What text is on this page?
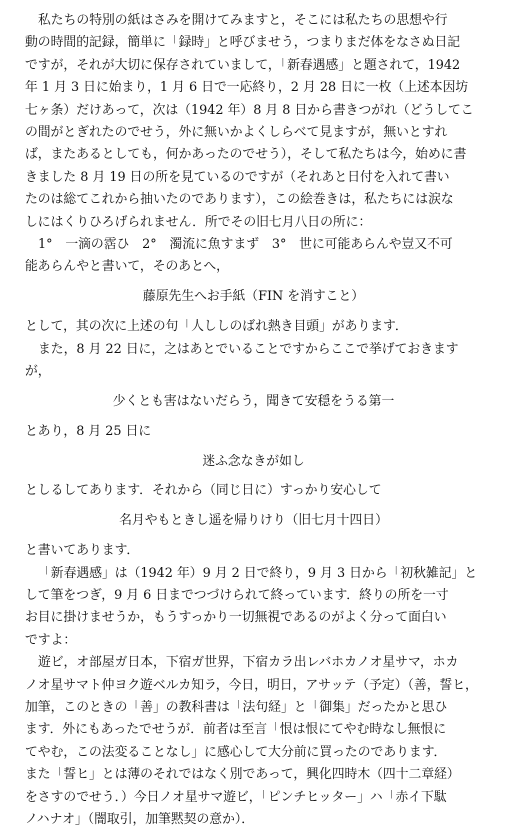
私たちの特別の紙はさみを開けてみますと，そこには私たちの思想や行
動の時間的記録，簡単に「録時」と呼びませう，つまりまだ体をなさぬ日記
ですが，それが大切に保存されていまして，「新春遇感」と題されて，1942
年 1 月 3 日に始まり，1 月 6 日で一応終り，2 月 28 日に一枚（上述本因坊
七ヶ条）だけあって，次は（1942 年）8 月 8 日から書きつがれ（どうしてこ
の間がとぎれたのでせう，外に無いかよくしらべて見ますが，無いとすれ
ば，またあるとしても，何かあったのでせう），そして私たちは今，始めに書
きました 8 月 19 日の所を見ているのですが（それあと日付を入れて書い
たのは総てこれから抽いたのであります），この絵巻きは，私たちには涙な
しにはくりひろげられません．所でその旧七月八日の所に：
1°　一滴の霑ひ　2°　濁流に魚すまず　3°　世に可能あらんや豈又不可
能あらんやと書いて，そのあとへ，
藤原先生へお手紙（FIN を消すこと）
として，其の次に上述の句「人ししのばれ熱き目頭」があります．
また，8 月 22 日に，之はあとでいることですからここで挙げておきます
が，
少くとも害はないだらう，聞きて安穏をうる第一
とあり，8 月 25 日に
迷ふ念なきが如し
としるしてあります．それから（同じ日に）すっかり安心して
名月やもときし遥を帰りけり（旧七月十四日）
と書いてあります．
「新春遇感」は（1942 年）9 月 2 日で終り，9 月 3 日から「初秋雑記」と
して筆をつぎ，9 月 6 日までつづけられて終っています．終りの所を一寸
お目に掛けませうか，もうすっかり一切無視であるのがよく分って面白い
ですよ：
遊ビ，オ部屋ガ日本，下宿ガ世界，下宿カラ出レバホカノオ星サマ，ホカ
ノオ星サマト仲ヨク遊ベルカ知ラ，今日，明日，アサッテ（予定）（善，誓ヒ，
加筆，このときの「善」の教科書は「法句経」と「御集」だったかと思ひ
ます．外にもあったでせうが．前者は至言「恨は恨にてやむ時なし無恨に
てやむ，この法変ることなし」に感心して大分前に買ったのであります．
また「誓ヒ」とは薄のそれではなく別であって，興化四時木（四十二章経）
をさすのでせう．）今日ノオ星サマ遊ビ，「ピンチヒッター」ハ「赤イ下駄
ノハナオ」（闇取引，加筆黙契の意か）．
